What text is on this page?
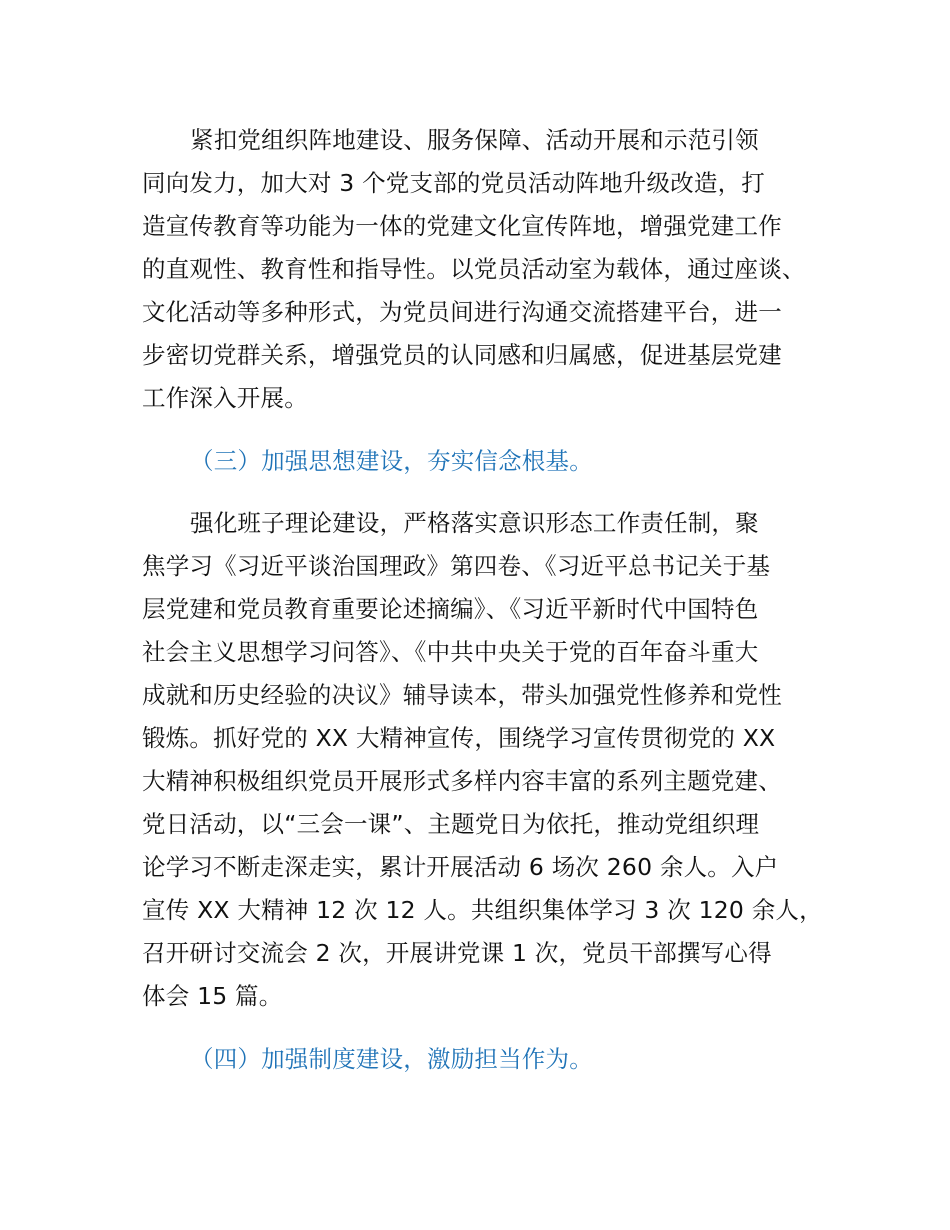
紧扣党组织阵地建设、服务保障、活动开展和示范引领

同向发力，加大对 3 个党支部的党员活动阵地升级改造，打

造宣传教育等功能为一体的党建文化宣传阵地，增强党建工作

的直观性、教育性和指导性。以党员活动室为载体，通过座谈、

文化活动等多种形式，为党员间进行沟通交流搭建平台，进一

步密切党群关系，增强党员的认同感和归属感，促进基层党建

工作深入开展。

（三）加强思想建设，夯实信念根基。

强化班子理论建设，严格落实意识形态工作责任制，聚

焦学习《习近平谈治国理政》第四卷、《习近平总书记关于基

层党建和党员教育重要论述摘编》、《习近平新时代中国特色

社会主义思想学习问答》、《中共中央关于党的百年奋斗重大

成就和历史经验的决议》辅导读本，带头加强党性修养和党性

锻炼。抓好党的 XX 大精神宣传，围绕学习宣传贯彻党的 XX

大精神积极组织党员开展形式多样内容丰富的系列主题党建、

党日活动，以“三会一课”、主题党日为依托，推动党组织理

论学习不断走深走实，累计开展活动 6 场次 260 余人。入户

宣传 XX 大精神 12 次 12 人。共组织集体学习 3 次 120 余人，

召开研讨交流会 2 次，开展讲党课 1 次，党员干部撰写心得

体会 15 篇。

（四）加强制度建设，激励担当作为。
